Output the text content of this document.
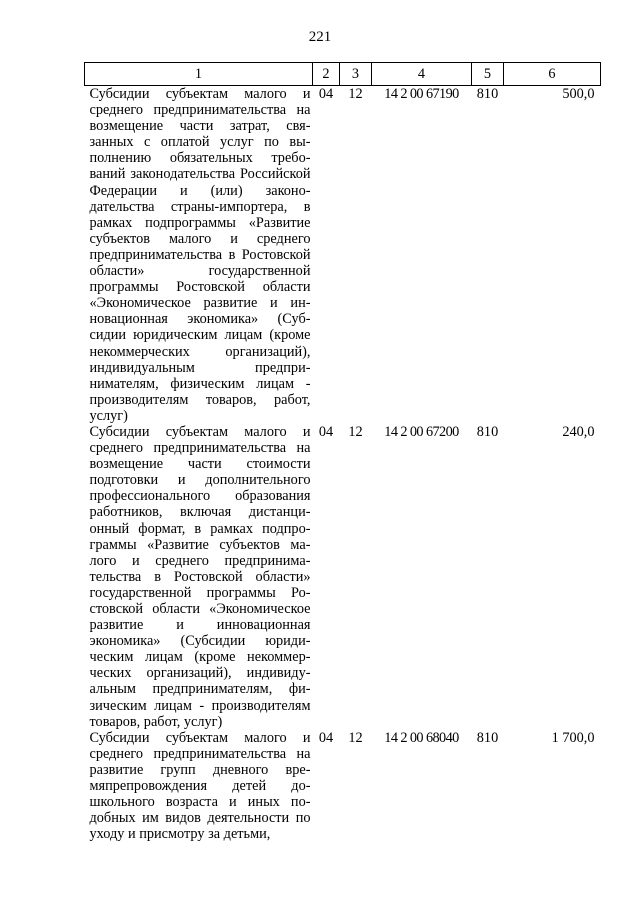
221
1	2	3	4	5	6
Субсидии субъектам малого и среднего предпринимательства на возмещение части затрат, связанных с оплатой услуг по выполнению обязательных требований законодательства Российской Федерации и (или) законодательства страны-импортера, в рамках подпрограммы «Развитие субъектов малого и среднего предпринимательства в Ростовской области» государственной программы Ростовской области «Экономическое развитие и инновационная экономика» (Субсидии юридическим лицам (кроме некоммерческих организаций), индивидуальным предпринимателям, физическим лицам - производителям товаров, работ, услуг)	04	12	14 2 00 67190	810	500,0
Субсидии субъектам малого и среднего предпринимательства на возмещение части стоимости подготовки и дополнительного профессионального образования работников, включая дистанционный формат, в рамках подпрограммы «Развитие субъектов малого и среднего предпринимательства в Ростовской области» государственной программы Ростовской области «Экономическое развитие и инновационная экономика» (Субсидии юридическим лицам (кроме некоммерческих организаций), индивидуальным предпринимателям, физическим лицам - производителям товаров, работ, услуг)	04	12	14 2 00 67200	810	240,0
Субсидии субъектам малого и среднего предпринимательства на развитие групп дневного времяпрепровождения детей дошкольного возраста и иных подобных им видов деятельности по уходу и присмотру за детьми,	04	12	14 2 00 68040	810	1 700,0
